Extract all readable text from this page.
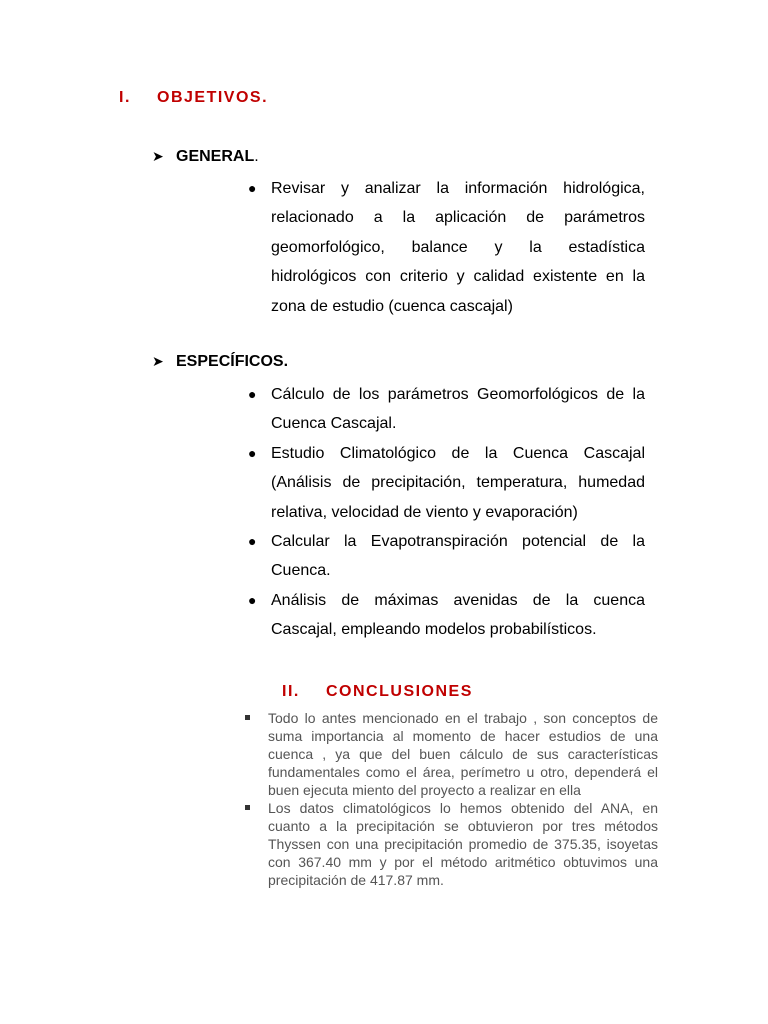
I. OBJETIVOS.
➤ GENERAL.
● Revisar y analizar la información hidrológica, relacionado a la aplicación de parámetros geomorfológico, balance y la estadística hidrológicos con criterio y calidad existente en la zona de estudio (cuenca cascajal)
➤ ESPECÍFICOS.
● Cálculo de los parámetros Geomorfológicos de la Cuenca Cascajal.
● Estudio Climatológico de la Cuenca Cascajal (Análisis de precipitación, temperatura, humedad relativa, velocidad de viento y evaporación)
● Calcular la Evapotranspiración potencial de la Cuenca.
● Análisis de máximas avenidas de la cuenca Cascajal, empleando modelos probabilísticos.
II. CONCLUSIONES
Todo lo antes mencionado en el trabajo , son conceptos de suma importancia al momento de hacer estudios de una cuenca , ya que del buen cálculo de sus características fundamentales como el área, perímetro u otro, dependerá el buen ejecuta miento del proyecto a realizar en ella
Los datos climatológicos lo hemos obtenido del ANA, en cuanto a la precipitación se obtuvieron por tres métodos Thyssen con una precipitación promedio de 375.35, isoyetas con 367.40 mm y por el método aritmético obtuvimos una precipitación de 417.87 mm.
